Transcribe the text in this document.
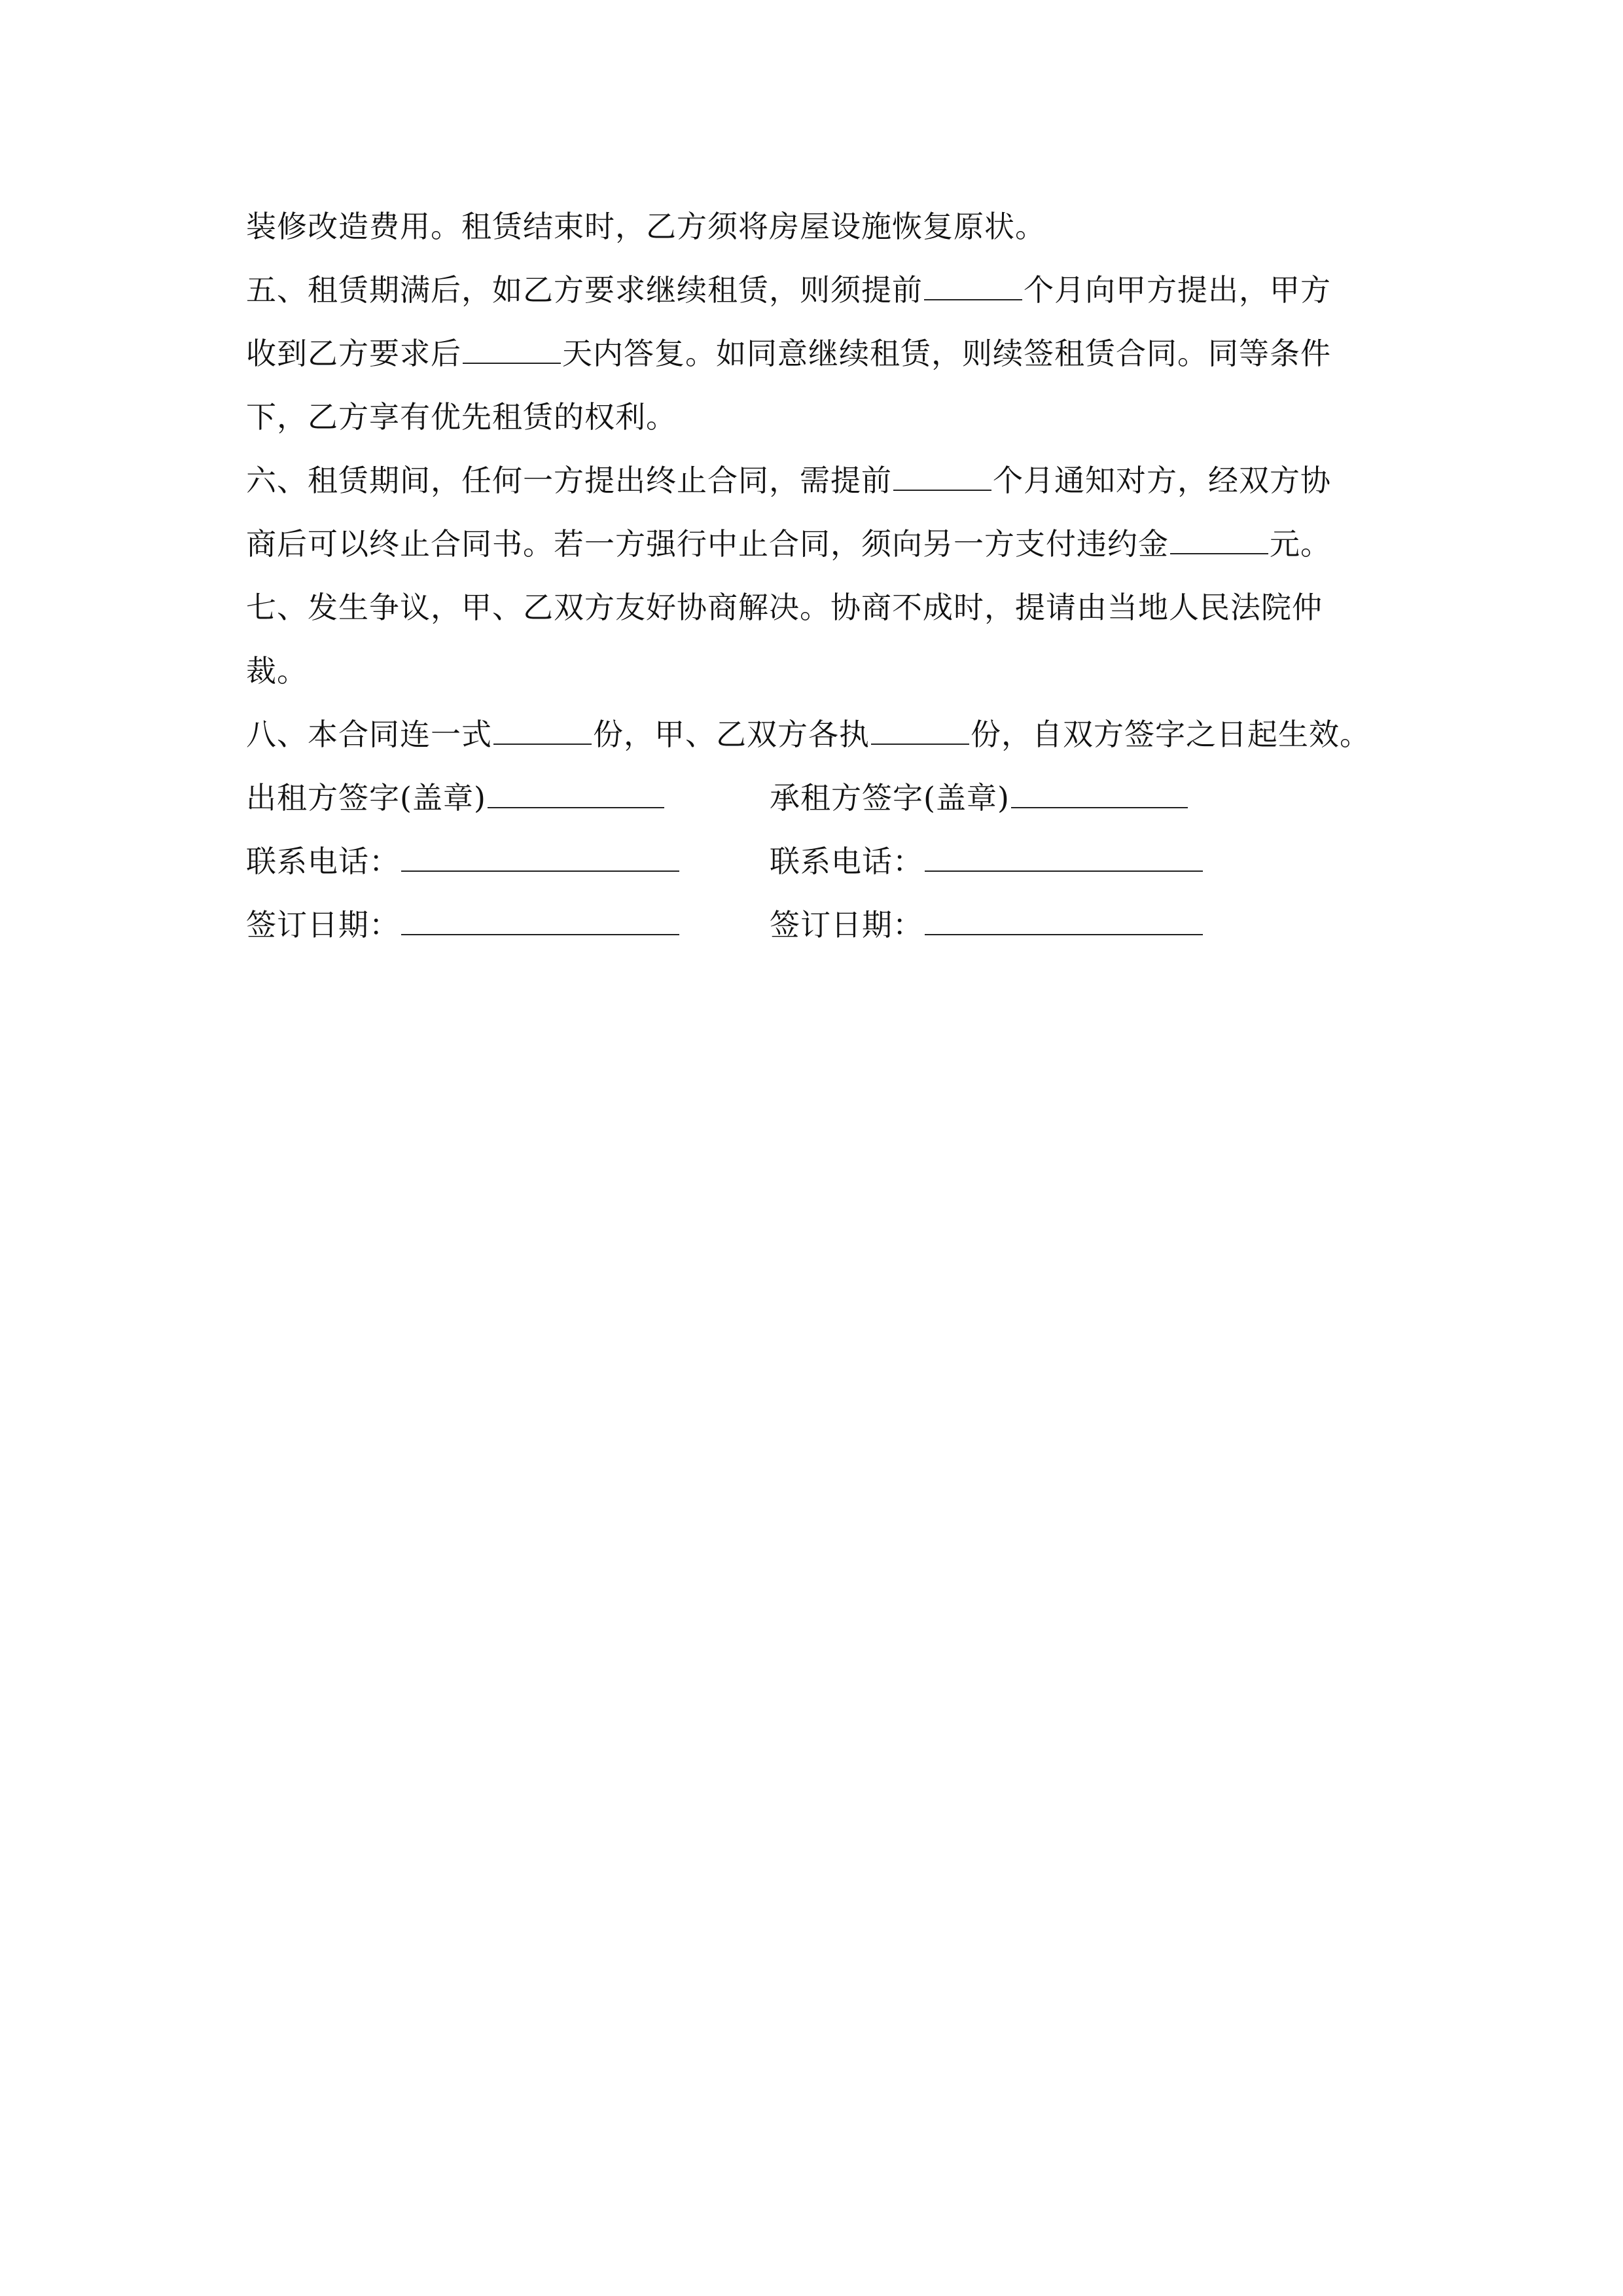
装修改造费用。租赁结束时，乙方须将房屋设施恢复原状。
五、租赁期满后，如乙方要求继续租赁，则须提前	个月向甲方提出，甲方
收到乙方要求后	天内答复。如同意继续租赁，则续签租赁合同。同等条件
下，乙方享有优先租赁的权利。
六、租赁期间，任何一方提出终止合同，需提前	个月通知对方，经双方协
商后可以终止合同书。若一方强行中止合同，须向另一方支付违约金	元。
七、发生争议，甲、乙双方友好协商解决。协商不成时，提请由当地人民法院仲
裁。
八、本合同连一式	份，甲、乙双方各执	份，自双方签字之日起生效。
出租方签字(盖章)	承租方签字(盖章)
联系电话：	联系电话：
签订日期：	签订日期：
